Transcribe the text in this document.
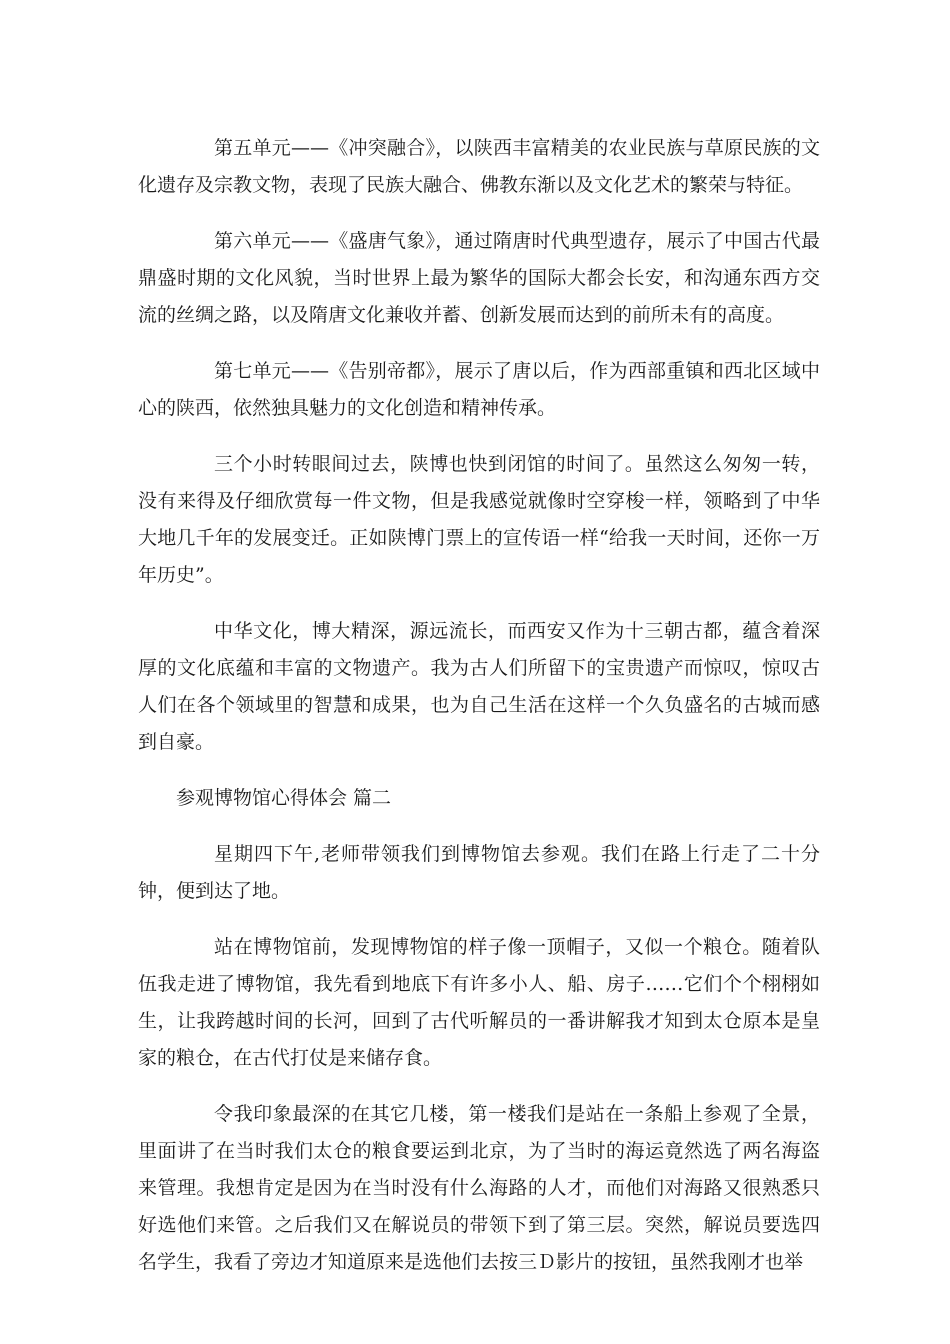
第五单元——《冲突融合》，以陕西丰富精美的农业民族与草原民族的文化遗存及宗教文物，表现了民族大融合、佛教东渐以及文化艺术的繁荣与特征。

第六单元——《盛唐气象》，通过隋唐时代典型遗存，展示了中国古代最鼎盛时期的文化风貌，当时世界上最为繁华的国际大都会长安，和沟通东西方交流的丝绸之路，以及隋唐文化兼收并蓄、创新发展而达到的前所未有的高度。

第七单元——《告别帝都》，展示了唐以后，作为西部重镇和西北区域中心的陕西，依然独具魅力的文化创造和精神传承。

三个小时转眼间过去，陕博也快到闭馆的时间了。虽然这么匆匆一转，没有来得及仔细欣赏每一件文物，但是我感觉就像时空穿梭一样，领略到了中华大地几千年的发展变迁。正如陕博门票上的宣传语一样“给我一天时间，还你一万年历史”。

中华文化，博大精深，源远流长，而西安又作为十三朝古都，蕴含着深厚的文化底蕴和丰富的文物遗产。我为古人们所留下的宝贵遗产而惊叹，惊叹古人们在各个领域里的智慧和成果，也为自己生活在这样一个久负盛名的古城而感到自豪。

参观博物馆心得体会 篇二

星期四下午,老师带领我们到博物馆去参观。我们在路上行走了二十分钟，便到达了地。

站在博物馆前，发现博物馆的样子像一顶帽子，又似一个粮仓。随着队伍我走进了博物馆，我先看到地底下有许多小人、船、房子……它们个个栩栩如生，让我跨越时间的长河，回到了古代听解员的一番讲解我才知到太仓原本是皇家的粮仓，在古代打仗是来储存食。

令我印象最深的在其它几楼，第一楼我们是站在一条船上参观了全景，里面讲了在当时我们太仓的粮食要运到北京，为了当时的海运竟然选了两名海盗来管理。我想肯定是因为在当时没有什么海路的人才，而他们对海路又很熟悉只好选他们来管。之后我们又在解说员的带领下到了第三层。突然，解说员要选四名学生，我看了旁边才知道原来是选他们去按三Ｄ影片的按钮，虽然我刚才也举
